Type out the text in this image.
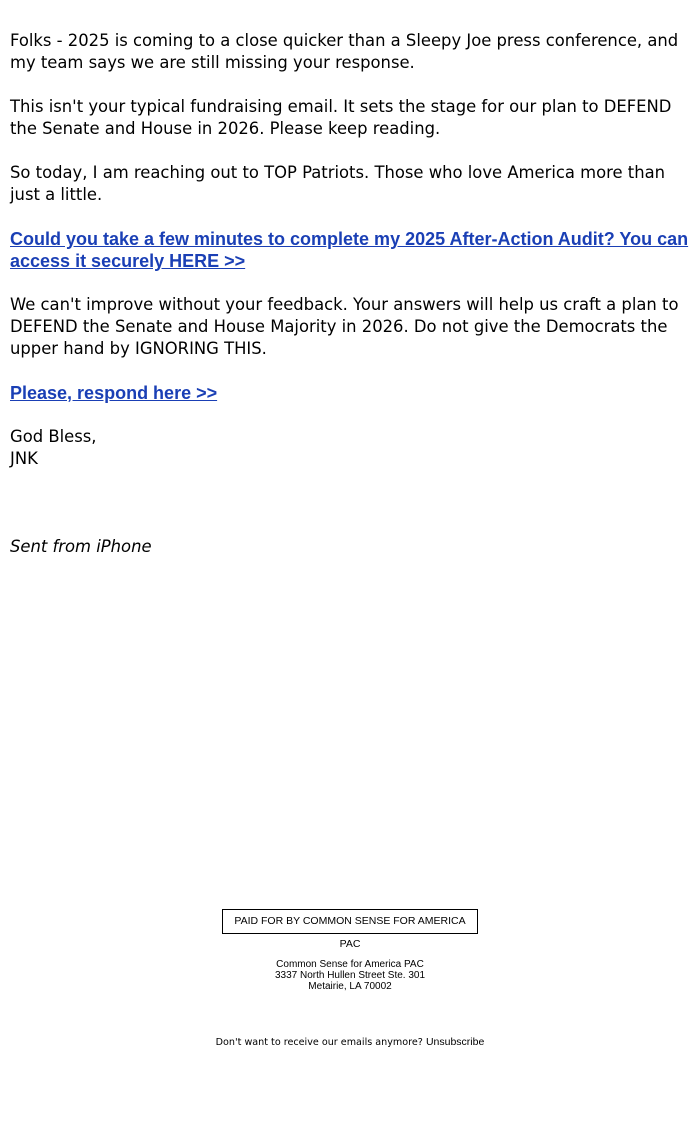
Folks - 2025 is coming to a close quicker than a Sleepy Joe press conference, and my team says we are still missing your response.

This isn't your typical fundraising email. It sets the stage for our plan to DEFEND the Senate and House in 2026. Please keep reading.

So today, I am reaching out to TOP Patriots. Those who love America more than just a little.

Could you take a few minutes to complete my 2025 After-Action Audit? You can access it securely HERE >>

We can't improve without your feedback. Your answers will help us craft a plan to DEFEND the Senate and House Majority in 2026. Do not give the Democrats the upper hand by IGNORING THIS.

Please, respond here >>
God Bless,
JNK
Sent from iPhone
PAID FOR BY COMMON SENSE FOR AMERICA PAC
Common Sense for America PAC
3337 North Hullen Street Ste. 301
Metairie, LA 70002
Don't want to receive our emails anymore? Unsubscribe
